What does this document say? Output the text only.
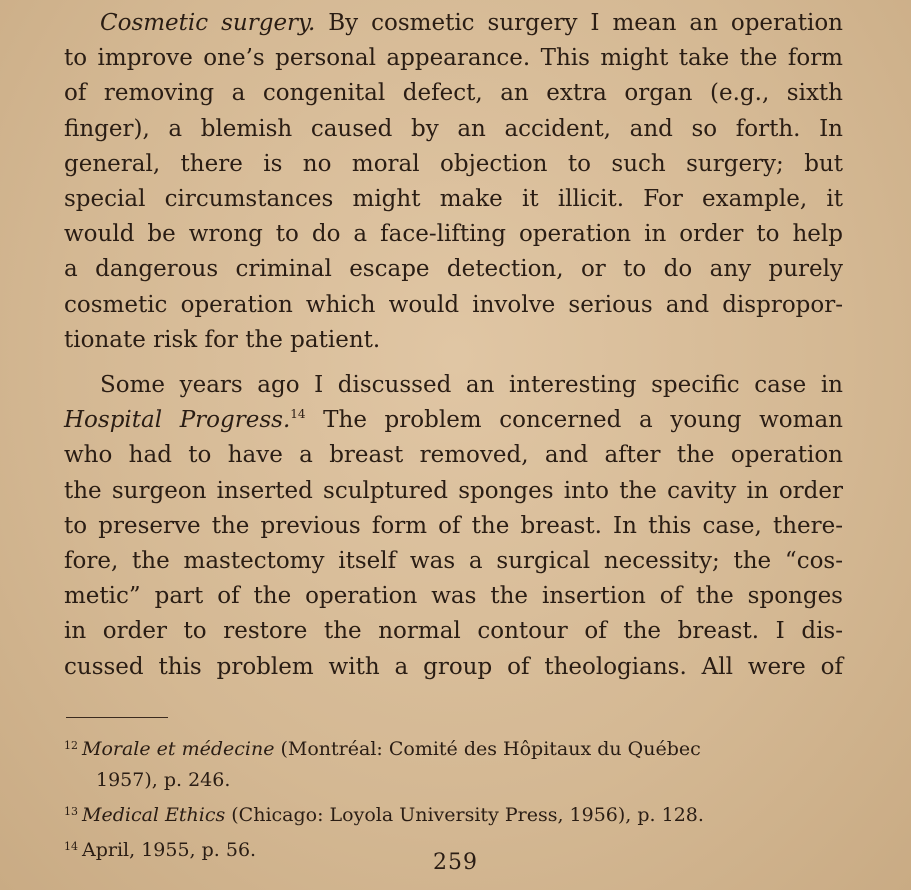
Cosmetic surgery. By cosmetic surgery I mean an operation
to improve one’s personal appearance. This might take the form
of removing a congenital defect, an extra organ (e.g., sixth
finger), a blemish caused by an accident, and so forth. In
general, there is no moral objection to such surgery; but
special circumstances might make it illicit. For example, it
would be wrong to do a face-lifting operation in order to help
a dangerous criminal escape detection, or to do any purely
cosmetic operation which would involve serious and dispropor-
tionate risk for the patient.
Some years ago I discussed an interesting specific case in
Hospital Progress.$^{14}$ The problem concerned a young woman
who had to have a breast removed, and after the operation
the surgeon inserted sculptured sponges into the cavity in order
to preserve the previous form of the breast. In this case, there-
fore, the mastectomy itself was a surgical necessity; the “cos-
metic” part of the operation was the insertion of the sponges
in order to restore the normal contour of the breast. I dis-
cussed this problem with a group of theologians. All were of
$^{12}$ Morale et médecine (Montréal: Comité des Hôpitaux du Québec
1957), p. 246.
$^{13}$ Medical Ethics (Chicago: Loyola University Press, 1956), p. 128.
$^{14}$ April, 1955, p. 56.
259
